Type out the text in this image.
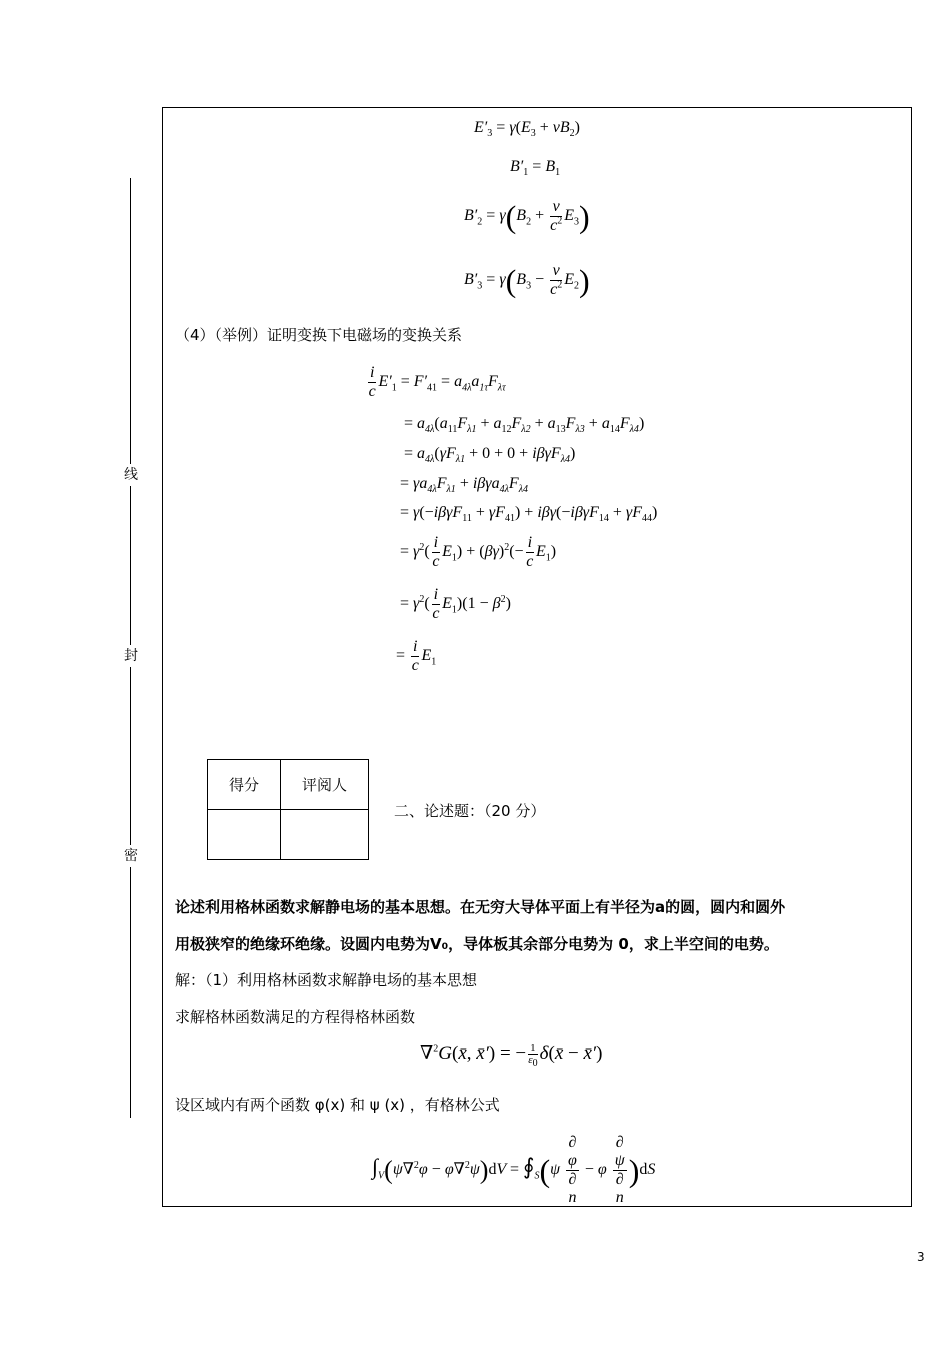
线
封
密
$E'_3 = \gamma(E_3 + vB_2)$
$B'_1 = B_1$
$B'_2 = \gamma(B_2 + \frac{v}{c^2} E_3)$
$B'_3 = \gamma(B_3 - \frac{v}{c^2} E_2)$
（4）（举例）证明变换下电磁场的变换关系
$\frac{i}{c} E'_1 = F'_{41} = a_{4\lambda}a_{1\tau}F_{\lambda\tau}$
= $a_{4\lambda}(a_{11}F_{\lambda 1} + a_{12}F_{\lambda 2} + a_{13}F_{\lambda 3} + a_{14}F_{\lambda 4})$
= $a_{4\lambda}(\gamma F_{\lambda 1} + 0 + 0 + i\beta\gamma F_{\lambda 4})$
= $\gamma a_{4\lambda}F_{\lambda 1} + i\beta\gamma a_{4\lambda}F_{\lambda 4}$
= $\gamma(-i\beta\gamma F_{11} + \gamma F_{41}) + i\beta\gamma(-i\beta\gamma F_{14} + \gamma F_{44})$
= $\gamma^2( \frac{i}{c} E_1) + (\beta\gamma)^2(- \frac{i}{c} E_1)$
= $\gamma^2( \frac{i}{c} E_1)(1 - \beta^2)$
= $\frac{i}{c} E_1$
得分	评阅人

二、论述题：（20 分）
论述利用格林函数求解静电场的基本思想。在无穷大导体平面上有半径为a的圆，圆内和圆外
用极狭窄的绝缘环绝缘。设圆内电势为V₀，导体板其余部分电势为 0，求上半空间的电势。
解：（1）利用格林函数求解静电场的基本思想
求解格林函数满足的方程得格林函数
∇$^2$G(x̄, x̄′) = − $\frac{1}{\varepsilon_0}$ δ(x̄ − x̄′)
设区域内有两个函数 φ(x) 和 ψ (x) ，有格林公式
$\int_V(\psi\nabla^2\varphi - \varphi\nabla^2\psi)dV$ = $∮_S(\psi$ ∂
φ
∂
n − φ ∂
ψ
∂
n )dS
3
